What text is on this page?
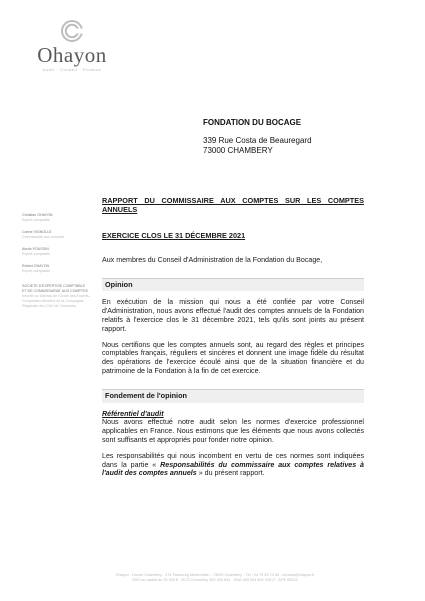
Ohayon
Audit · Conseil · Finance
FONDATION DU BOCAGE
339 Rue Costa de Beauregard
73000 CHAMBERY
Christian OHAYON
Expert-comptable
Carine VIGNOLLE
Commissaire aux comptes
Alexis POUSSIN
Expert-comptable
Robert OHAYON
Expert-comptable
SOCIETE D'EXPERTISE COMPTABLE ET DE COMMISSARIAT AUX COMPTES
Inscrite au Tableau de l'Ordre des Experts-Comptables Membre de la Compagnie Régionale des CAC de Chambéry
RAPPORT DU COMMISSAIRE AUX COMPTES SUR LES COMPTES ANNUELS
EXERCICE CLOS LE 31 DÉCEMBRE 2021
Aux membres du Conseil d'Administration de la Fondation du Bocage,
Opinion

En exécution de la mission qui nous a été confiée par votre Conseil d'Administration, nous avons effectué l'audit des comptes annuels de la Fondation relatifs à l'exercice clos le 31 décembre 2021, tels qu'ils sont joints au présent rapport.

Nous certifions que les comptes annuels sont, au regard des règles et principes comptables français, réguliers et sincères et donnent une image fidèle du résultat des opérations de l'exercice écoulé ainsi que de la situation financière et du patrimoine de la Fondation à la fin de cet exercice.

Fondement de l'opinion
Référentiel d'audit

Nous avons effectué notre audit selon les normes d'exercice professionnel applicables en France. Nous estimons que les éléments que nous avons collectés sont suffisants et appropriés pour fonder notre opinion.

Les responsabilités qui nous incombent en vertu de ces normes sont indiquées dans la partie « Responsabilités du commissaire aux comptes relatives à l'audit des comptes annuels » du présent rapport.

Ohayon - Hoche Chambéry - 474 Faubourg Montmélian - 73000 Chambéry - Tél : 04 79 33 72 84 - contact@ohayon.fr
SAS au capital de 20 000 € - RCS Chambéry 453 254 854 - Siret 453 254 854 00017 - APE 6920Z
